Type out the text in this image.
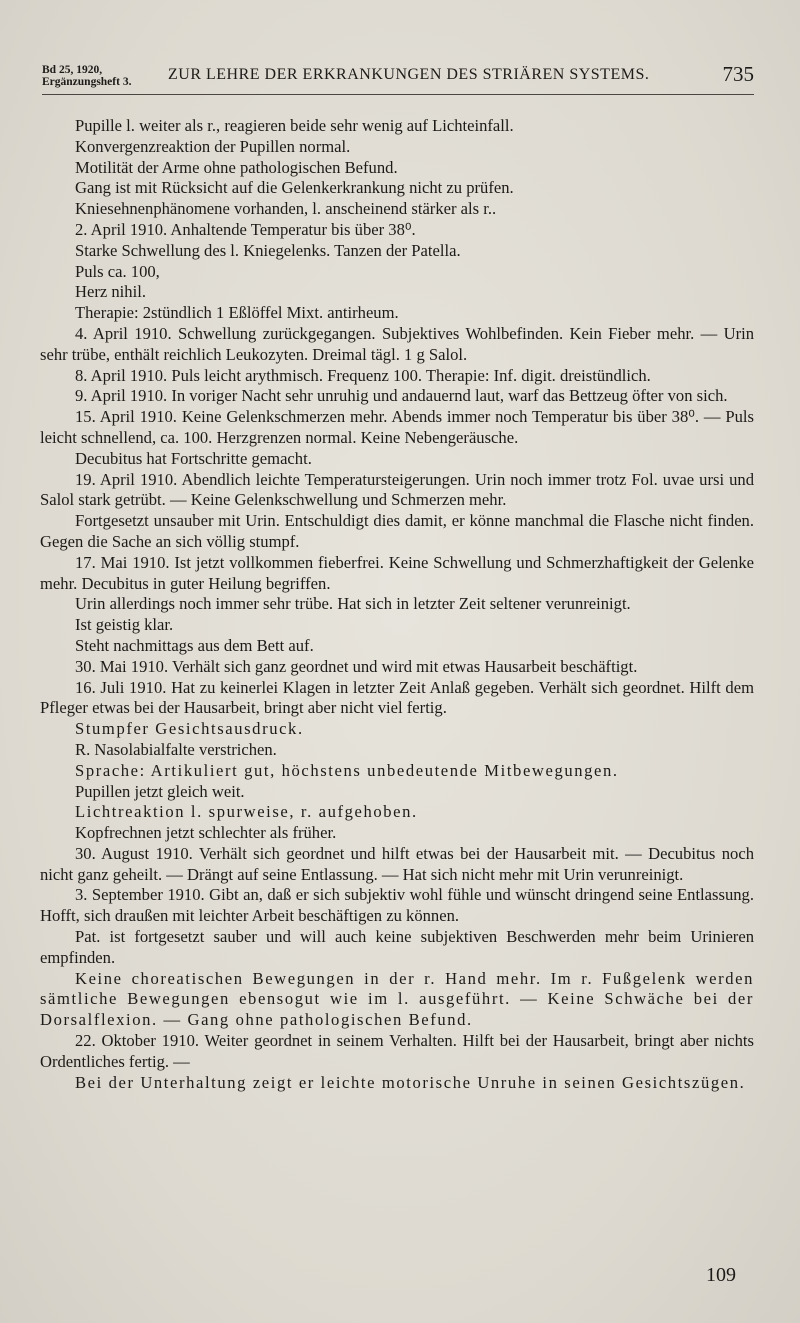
Bd 25, 1920,
Ergänzungsheft 3. ZUR LEHRE DER ERKRANKUNGEN DES STRIÄREN SYSTEMS.	735

Pupille l. weiter als r., reagieren beide sehr wenig auf Lichteinfall.

Konvergenzreaktion der Pupillen normal.

Motilität der Arme ohne pathologischen Befund.

Gang ist mit Rücksicht auf die Gelenkerkrankung nicht zu prüfen.

Kniesehnenphänomene vorhanden, l. anscheinend stärker als r..

2. April 1910. Anhaltende Temperatur bis über 38⁰.

Starke Schwellung des l. Kniegelenks. Tanzen der Patella.

Puls ca. 100,

Herz nihil.

Therapie: 2stündlich 1 Eßlöffel Mixt. antirheum.

4. April 1910. Schwellung zurückgegangen. Subjektives Wohlbefinden. Kein Fieber mehr. — Urin sehr trübe, enthält reichlich Leukozyten. Dreimal tägl. 1 g Salol.

8. April 1910. Puls leicht arythmisch. Frequenz 100. Therapie: Inf. digit. dreistündlich.

9. April 1910. In voriger Nacht sehr unruhig und andauernd laut, warf das Bettzeug öfter von sich.

15. April 1910. Keine Gelenkschmerzen mehr. Abends immer noch Temperatur bis über 38⁰. — Puls leicht schnellend, ca. 100. Herzgrenzen normal. Keine Nebengeräusche.

Decubitus hat Fortschritte gemacht.

19. April 1910. Abendlich leichte Temperatursteigerungen. Urin noch immer trotz Fol. uvae ursi und Salol stark getrübt. — Keine Gelenkschwellung und Schmerzen mehr.

Fortgesetzt unsauber mit Urin. Entschuldigt dies damit, er könne manchmal die Flasche nicht finden. Gegen die Sache an sich völlig stumpf.

17. Mai 1910. Ist jetzt vollkommen fieberfrei. Keine Schwellung und Schmerzhaftigkeit der Gelenke mehr. Decubitus in guter Heilung begriffen.

Urin allerdings noch immer sehr trübe. Hat sich in letzter Zeit seltener verunreinigt.

Ist geistig klar.

Steht nachmittags aus dem Bett auf.

30. Mai 1910. Verhält sich ganz geordnet und wird mit etwas Hausarbeit beschäftigt.

16. Juli 1910. Hat zu keinerlei Klagen in letzter Zeit Anlaß gegeben. Verhält sich geordnet. Hilft dem Pfleger etwas bei der Hausarbeit, bringt aber nicht viel fertig.

Stumpfer Gesichtsausdruck.

R. Nasolabialfalte verstrichen.

Sprache: Artikuliert gut, höchstens unbedeutende Mitbewegungen.

Pupillen jetzt gleich weit.

Lichtreaktion l. spurweise, r. aufgehoben.

Kopfrechnen jetzt schlechter als früher.

30. August 1910. Verhält sich geordnet und hilft etwas bei der Hausarbeit mit. — Decubitus noch nicht ganz geheilt. — Drängt auf seine Entlassung. — Hat sich nicht mehr mit Urin verunreinigt.

3. September 1910. Gibt an, daß er sich subjektiv wohl fühle und wünscht dringend seine Entlassung. Hofft, sich draußen mit leichter Arbeit beschäftigen zu können.

Pat. ist fortgesetzt sauber und will auch keine subjektiven Beschwerden mehr beim Urinieren empfinden.

Keine choreatischen Bewegungen in der r. Hand mehr. Im r. Fußgelenk werden sämtliche Bewegungen ebensogut wie im l. ausgeführt. — Keine Schwäche bei der Dorsalflexion. — Gang ohne pathologischen Befund.

22. Oktober 1910. Weiter geordnet in seinem Verhalten. Hilft bei der Hausarbeit, bringt aber nichts Ordentliches fertig. —

Bei der Unterhaltung zeigt er leichte motorische Unruhe in seinen Gesichtszügen.

109
